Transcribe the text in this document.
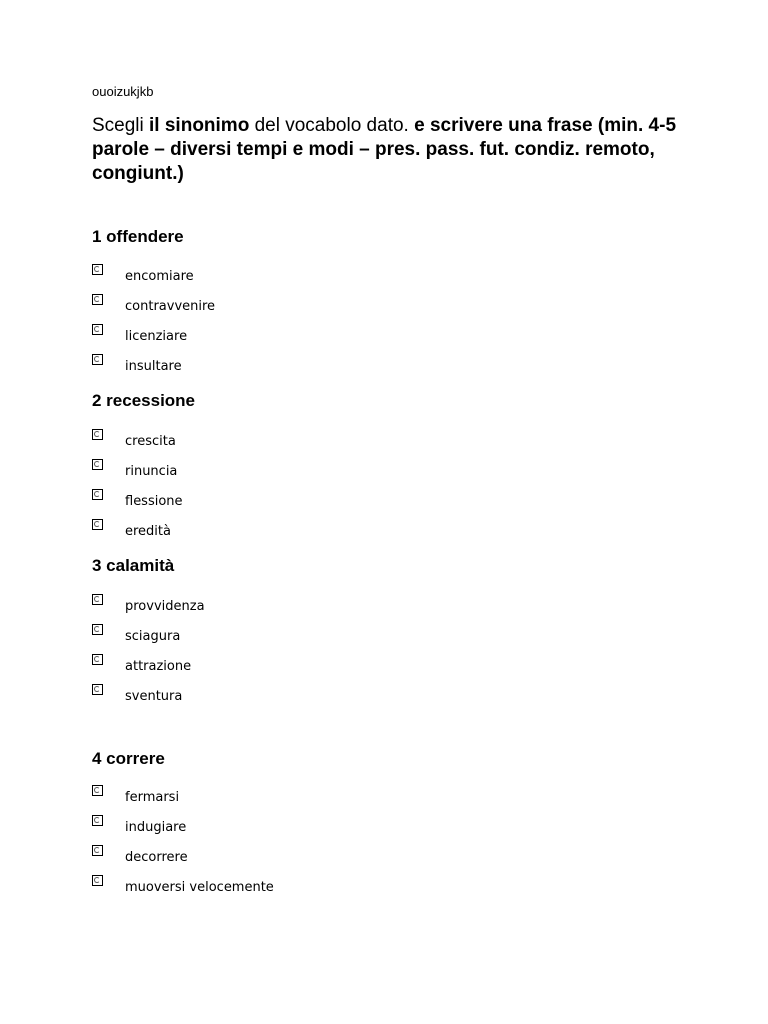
ouoizukjkb
Scegli il sinonimo del vocabolo dato. e scrivere una frase (min. 4-5 parole – diversi tempi e modi – pres. pass. fut. condiz. remoto, congiunt.)
1 offendere
encomiare
contravvenire
licenziare
insultare
2 recessione
crescita
rinuncia
flessione
eredità
3 calamità
provvidenza
sciagura
attrazione
sventura
4 correre
fermarsi
indugiare
decorrere
muoversi velocemente
